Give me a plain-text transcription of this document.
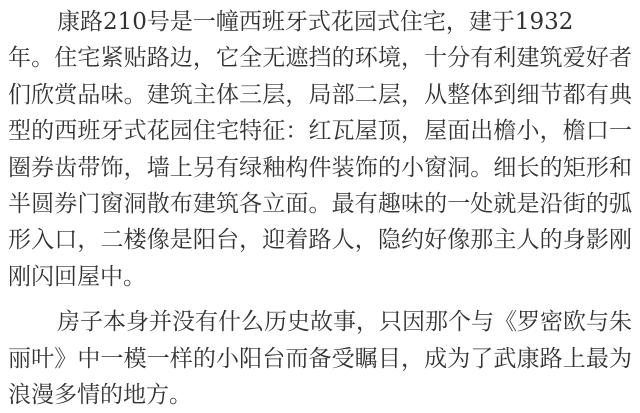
康路210号是一幢西班牙式花园式住宅，建于1932
年。住宅紧贴路边，它全无遮挡的环境，十分有利建筑爱好者
们欣赏品味。建筑主体三层，局部二层，从整体到细节都有典
型的西班牙式花园住宅特征：红瓦屋顶，屋面出檐小，檐口一
圈券齿带饰，墙上另有绿釉构件装饰的小窗洞。细长的矩形和
半圆券门窗洞散布建筑各立面。最有趣味的一处就是沿街的弧
形入口，二楼像是阳台，迎着路人，隐约好像那主人的身影刚
刚闪回屋中。
房子本身并没有什么历史故事，只因那个与《罗密欧与朱
丽叶》中一模一样的小阳台而备受瞩目，成为了武康路上最为
浪漫多情的地方。
